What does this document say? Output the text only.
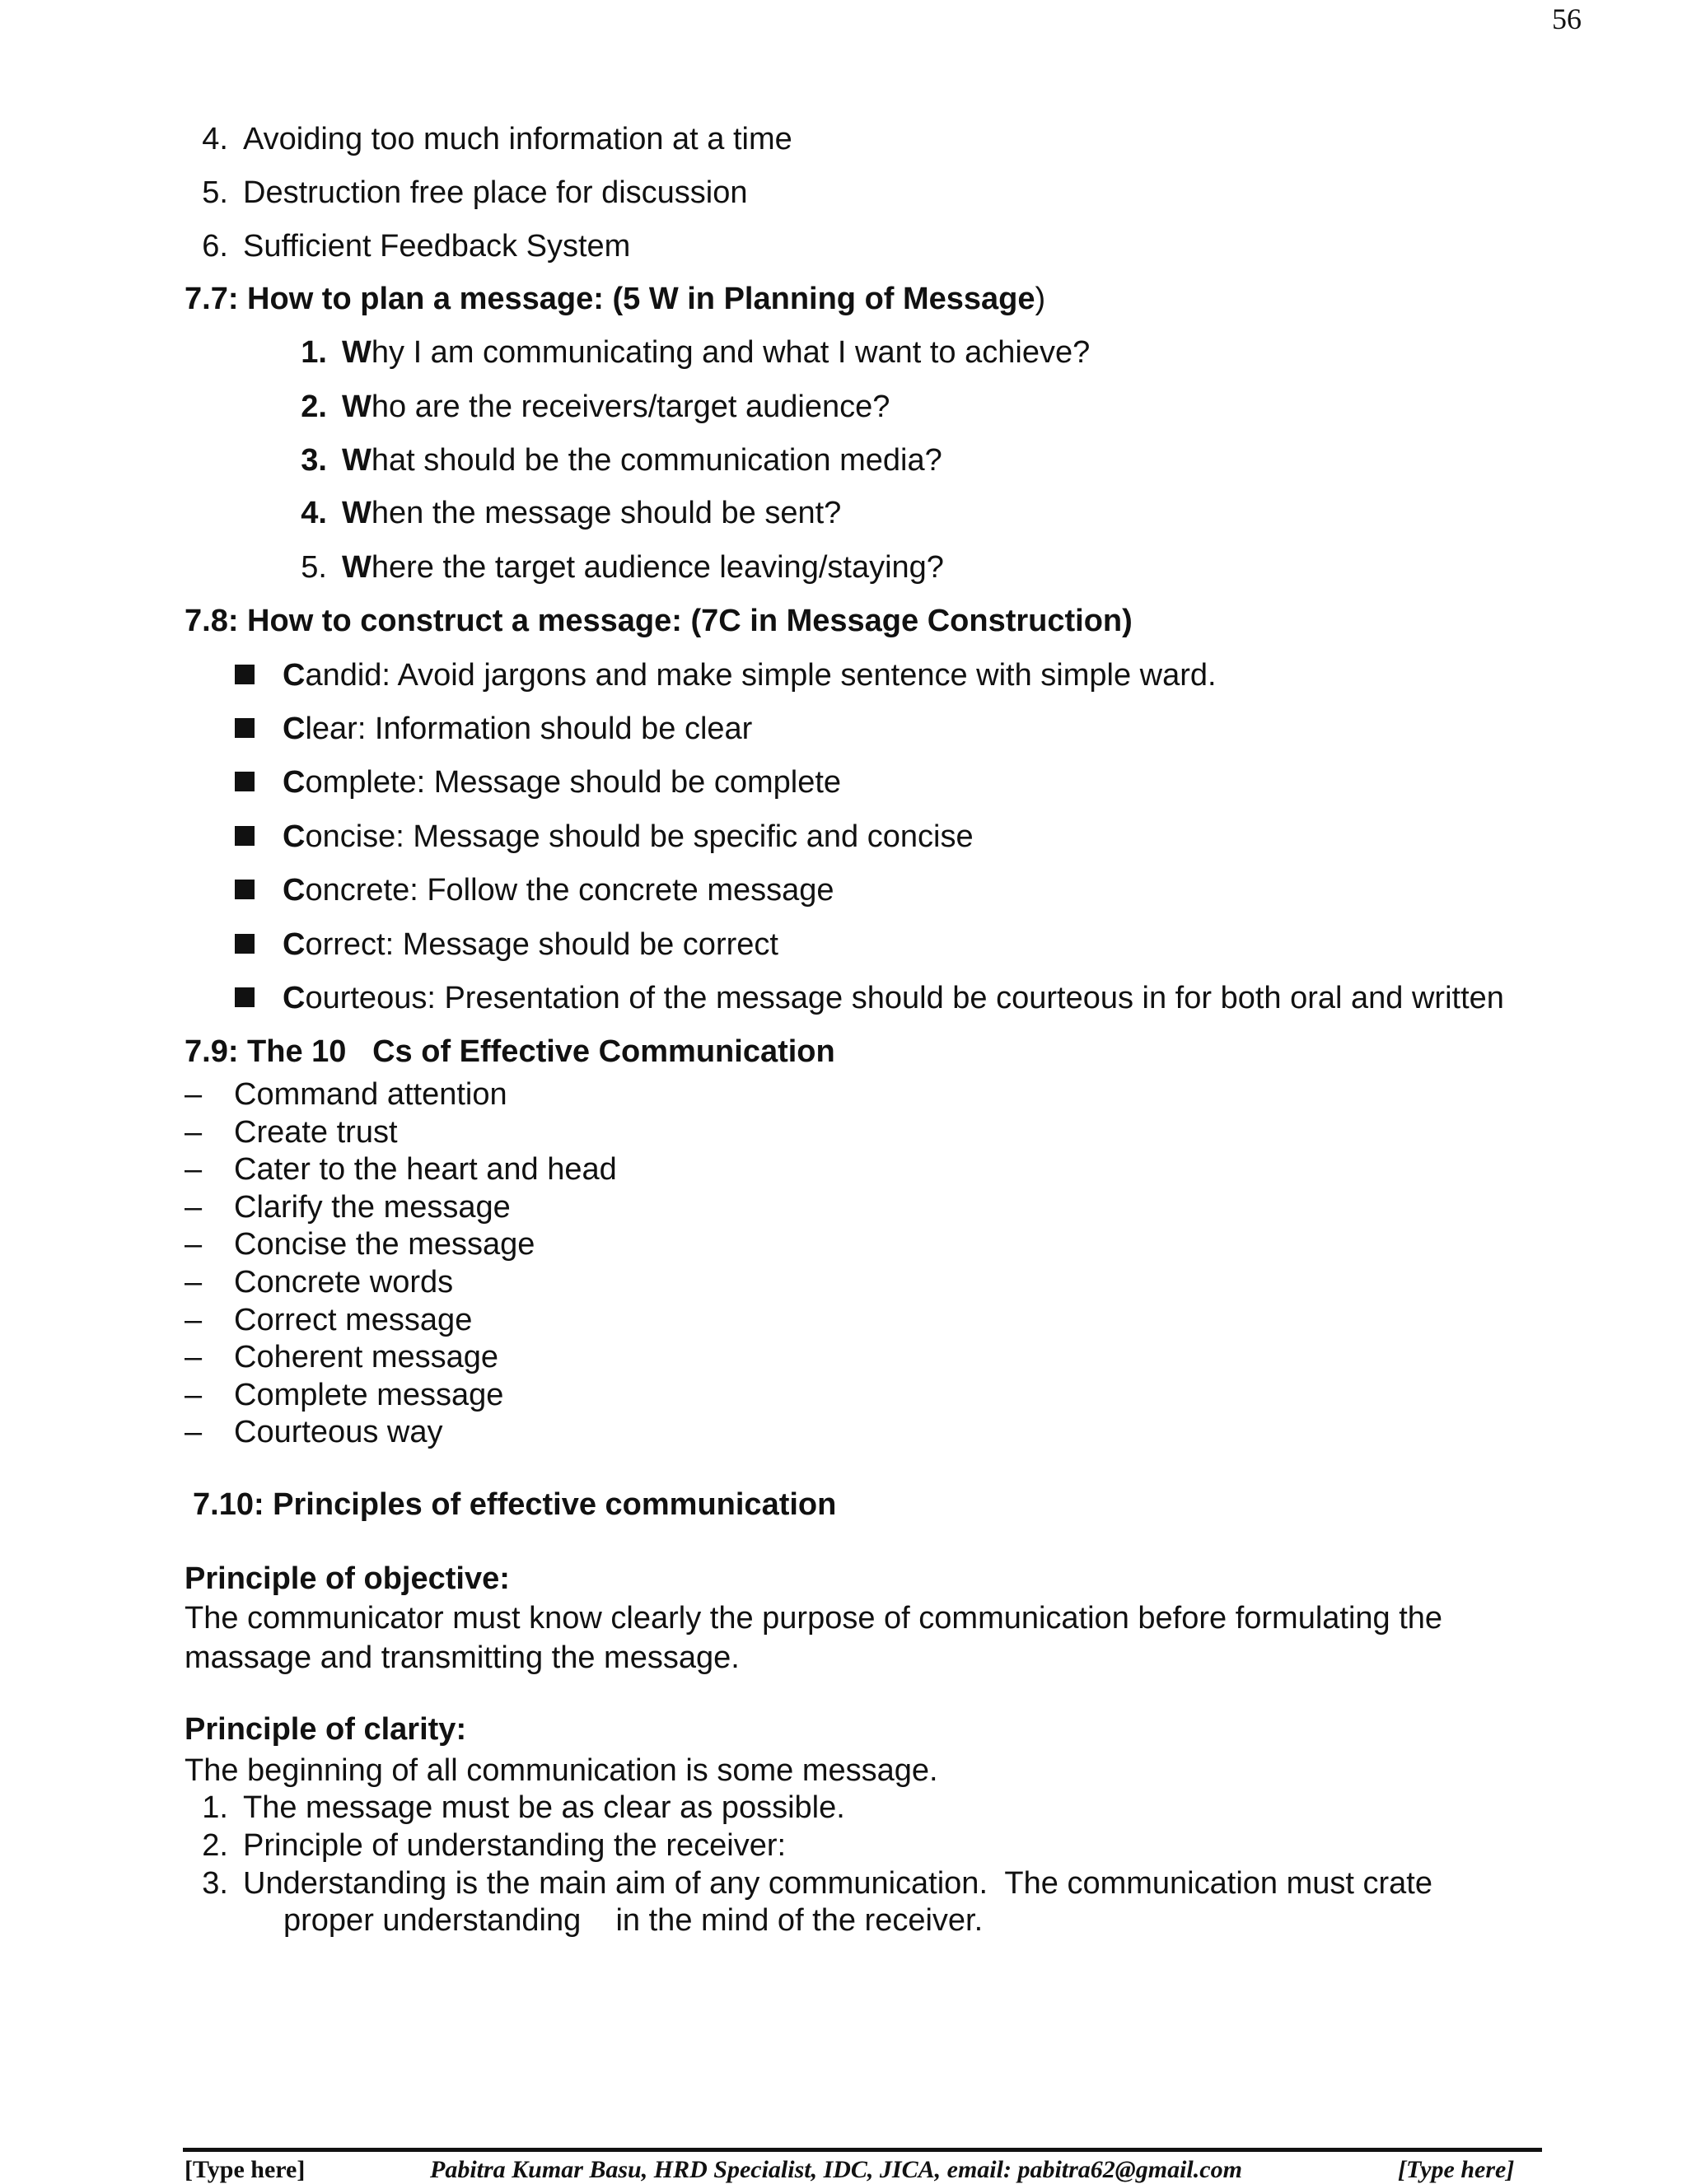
56
4. Avoiding too much information at a time
5. Destruction free place for discussion
6. Sufficient Feedback System
7.7: How to plan a message: (5 W in Planning of Message)
1. Why I am communicating and what I want to achieve?
2. Who are the receivers/target audience?
3. What should be the communication media?
4. When the message should be sent?
5. Where the target audience leaving/staying?
7.8: How to construct a message: (7C in Message Construction)
Candid: Avoid jargons and make simple sentence with simple ward.
Clear: Information should be clear
Complete: Message should be complete
Concise: Message should be specific and concise
Concrete: Follow the concrete message
Correct: Message should be correct
Courteous: Presentation of the message should be courteous in for both oral and written
7.9: The 10   Cs of Effective Communication
– Command attention
– Create trust
– Cater to the heart and head
– Clarify the message
– Concise the message
– Concrete words
– Correct message
– Coherent message
– Complete message
– Courteous way
7.10: Principles of effective communication
Principle of objective:
The communicator must know clearly the purpose of communication before formulating the
massage and transmitting the message.
Principle of clarity:
The beginning of all communication is some message.
1. The message must be as clear as possible.
2. Principle of understanding the receiver:
3. Understanding is the main aim of any communication.  The communication must crate
proper understanding    in the mind of the receiver.
[Type here]	Pabitra Kumar Basu, HRD Specialist, IDC, JICA, email: pabitra62@gmail.com	[Type here]
